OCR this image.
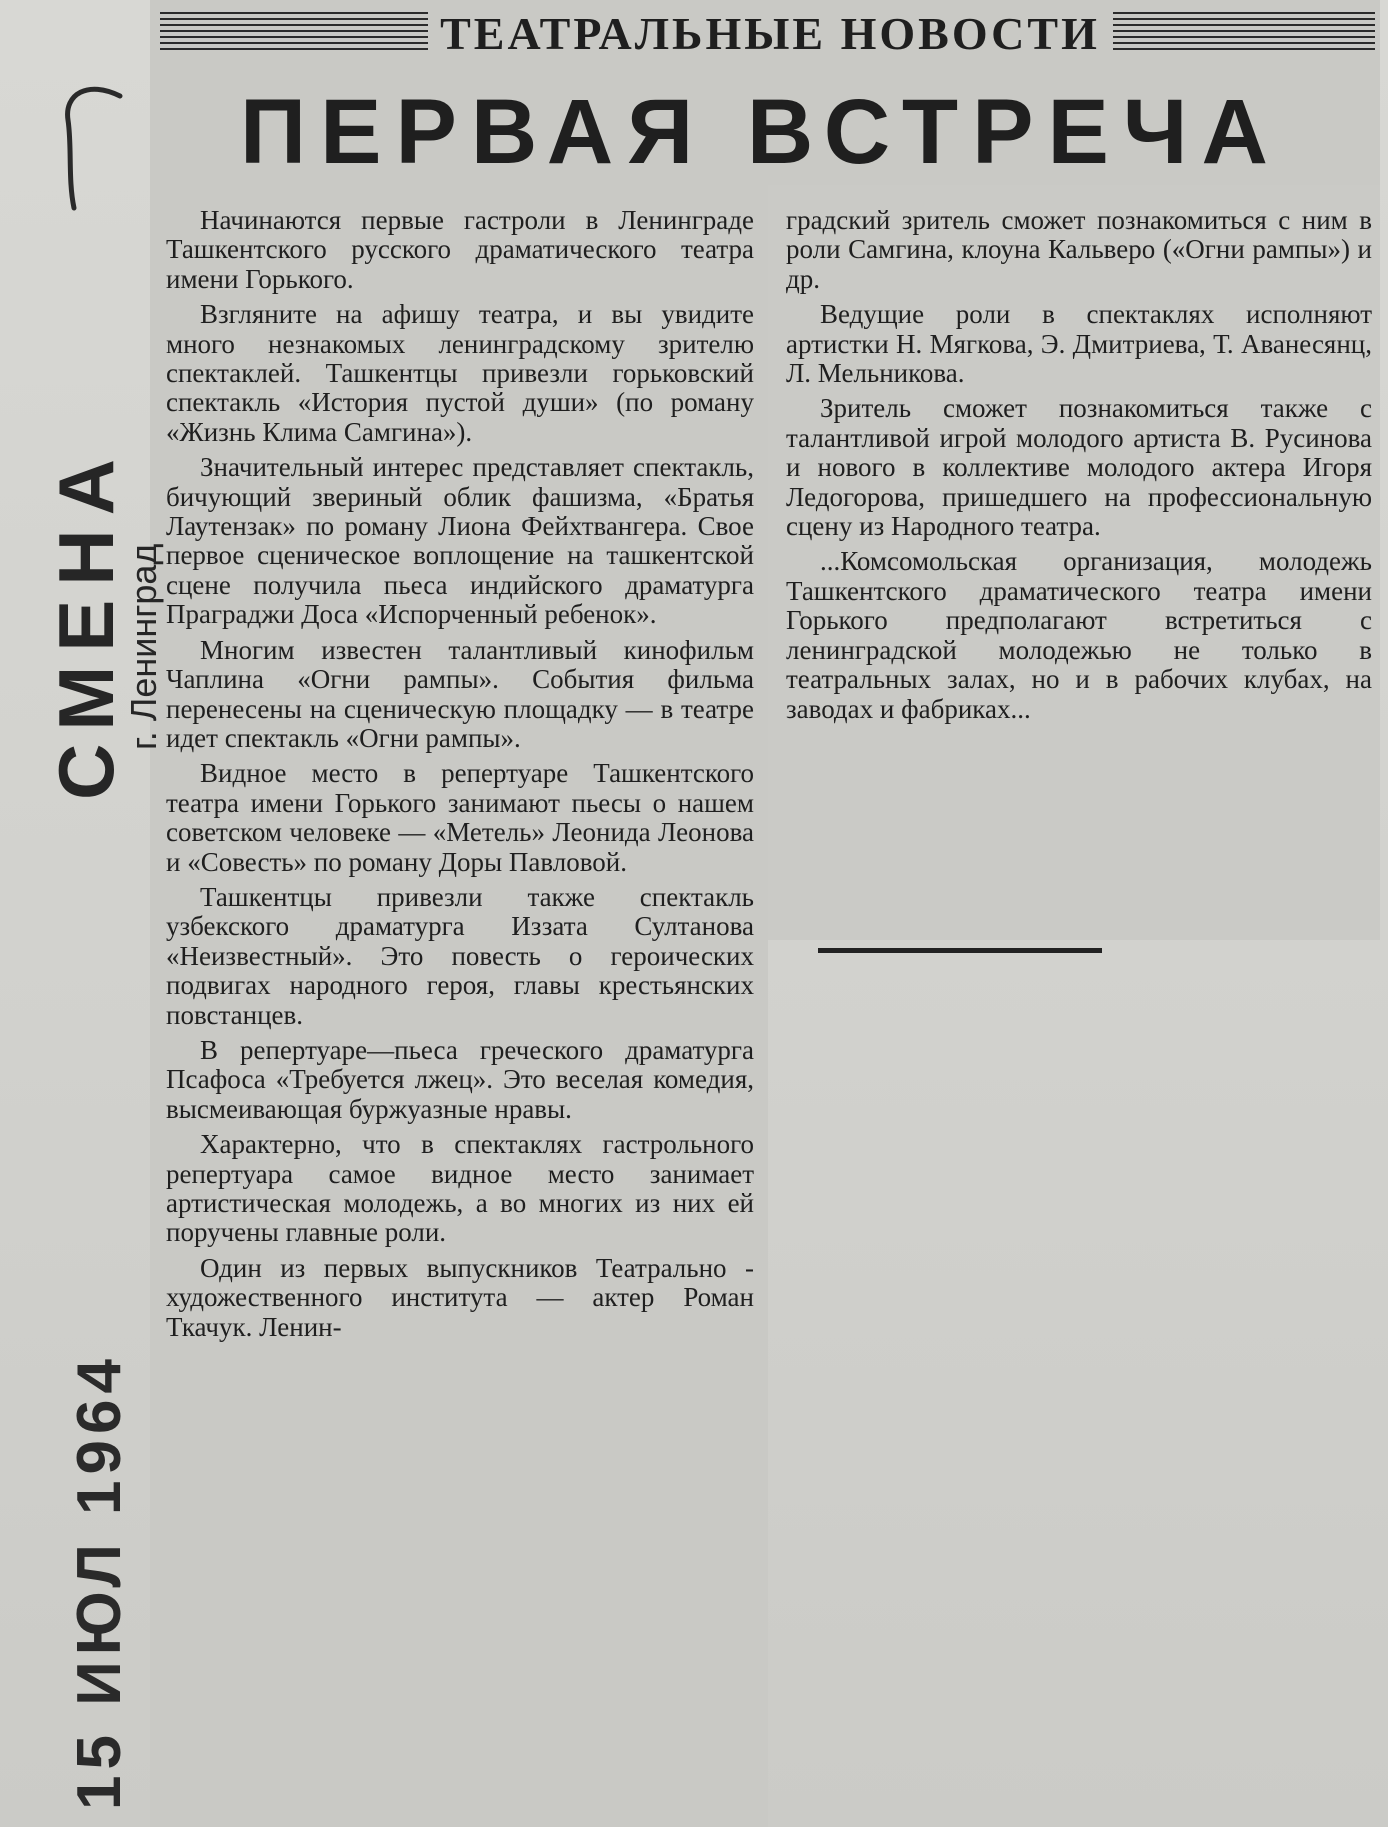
ТЕАТРАЛЬНЫЕ НОВОСТИ
ПЕРВАЯ ВСТРЕЧА

Начинаются первые гастроли в Ленинграде Ташкентского русского драматического театра имени Горького.

Взгляните на афишу театра, и вы увидите много незнакомых ленинградскому зрителю спектаклей. Ташкентцы привезли горьковский спектакль «История пустой души» (по роману «Жизнь Клима Самгина»).

Значительный интерес представляет спектакль, бичующий звериный облик фашизма, «Братья Лаутензак» по роману Лиона Фейхтвангера. Свое первое сценическое воплощение на ташкентской сцене получила пьеса индийского драматурга Праграджи Доса «Испорченный ребенок».

Многим известен талантливый кинофильм Чаплина «Огни рампы». События фильма перенесены на сценическую площадку — в театре идет спектакль «Огни рампы».

Видное место в репертуаре Ташкентского театра имени Горького занимают пьесы о нашем советском человеке — «Метель» Леонида Леонова и «Совесть» по роману Доры Павловой.

Ташкентцы привезли также спектакль узбекского драматурга Иззата Султанова «Неизвестный». Это повесть о героических подвигах народного героя, главы крестьянских повстанцев.

В репертуаре—пьеса греческого драматурга Псафоса «Требуется лжец». Это веселая комедия, высмеивающая буржуазные нравы.

Характерно, что в спектаклях гастрольного репертуара самое видное место занимает артистическая молодежь, а во многих из них ей поручены главные роли.

Один из первых выпускников Театрально - художественного института — актер Роман Ткачук. Ленин-

градский зритель сможет познакомиться с ним в роли Самгина, клоуна Кальверо («Огни рампы») и др.

Ведущие роли в спектаклях исполняют артистки Н. Мягкова, Э. Дмитриева, Т. Аванесянц, Л. Мельникова.

Зритель сможет познакомиться также с талантливой игрой молодого артиста В. Русинова и нового в коллективе молодого актера Игоря Ледогорова, пришедшего на профессиональную сцену из Народного театра.

...Комсомольская организация, молодежь Ташкентского драматического театра имени Горького предполагают встретиться с ленинградской молодежью не только в театральных залах, но и в рабочих клубах, на заводах и фабриках...

СМЕНА
г. Ленинград
15 ИЮЛ 1964
